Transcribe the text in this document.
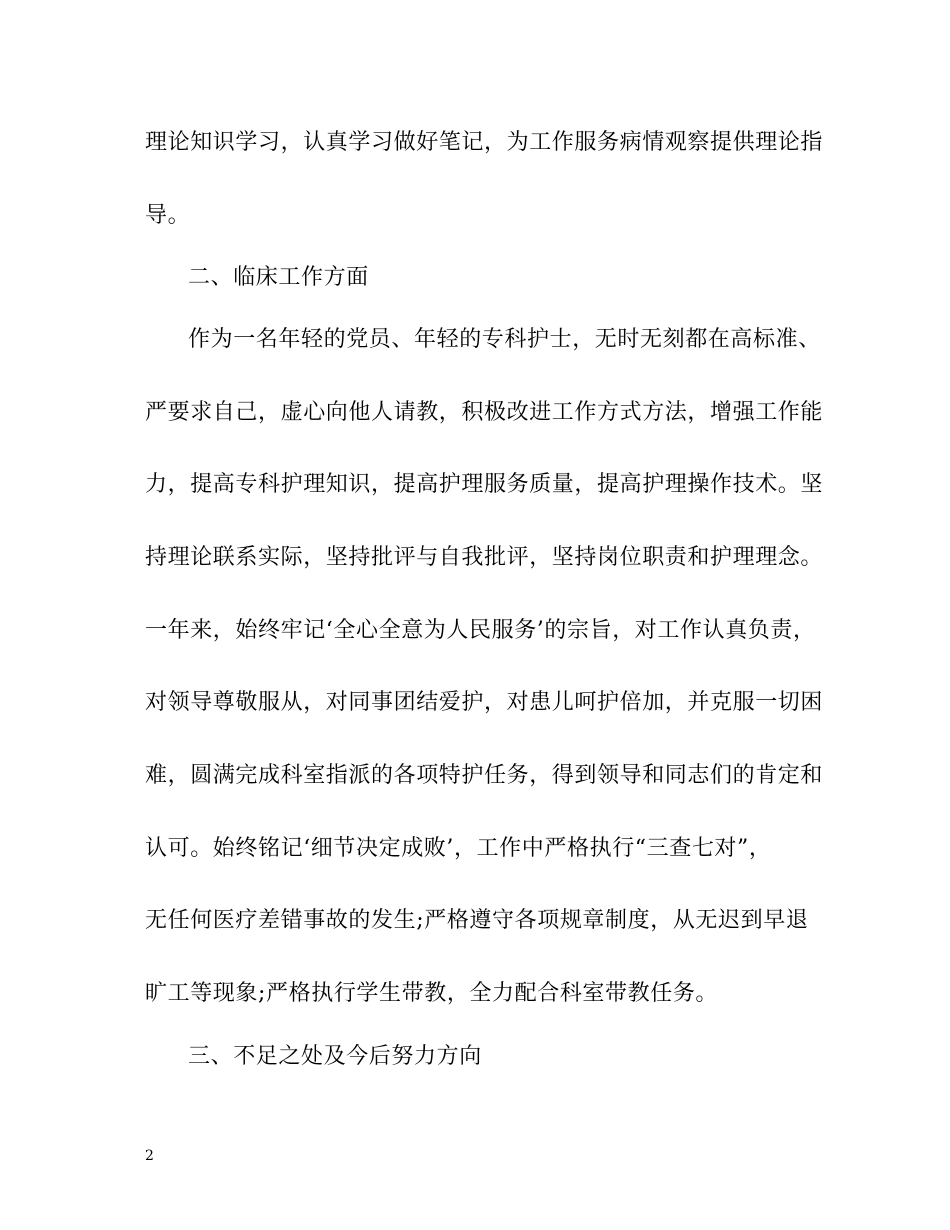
理论知识学习，认真学习做好笔记，为工作服务病情观察提供理论指
导。
二、临床工作方面
作为一名年轻的党员、年轻的专科护士，无时无刻都在高标准、
严要求自己，虚心向他人请教，积极改进工作方式方法，增强工作能
力，提高专科护理知识，提高护理服务质量，提高护理操作技术。坚
持理论联系实际，坚持批评与自我批评，坚持岗位职责和护理理念。
一年来，始终牢记‘全心全意为人民服务’的宗旨，对工作认真负责，
对领导尊敬服从，对同事团结爱护，对患儿呵护倍加，并克服一切困
难，圆满完成科室指派的各项特护任务，得到领导和同志们的肯定和
认可。始终铭记‘细节决定成败’，工作中严格执行“三查七对”，
无任何医疗差错事故的发生;严格遵守各项规章制度，从无迟到早退
旷工等现象;严格执行学生带教，全力配合科室带教任务。
三、不足之处及今后努力方向
2
